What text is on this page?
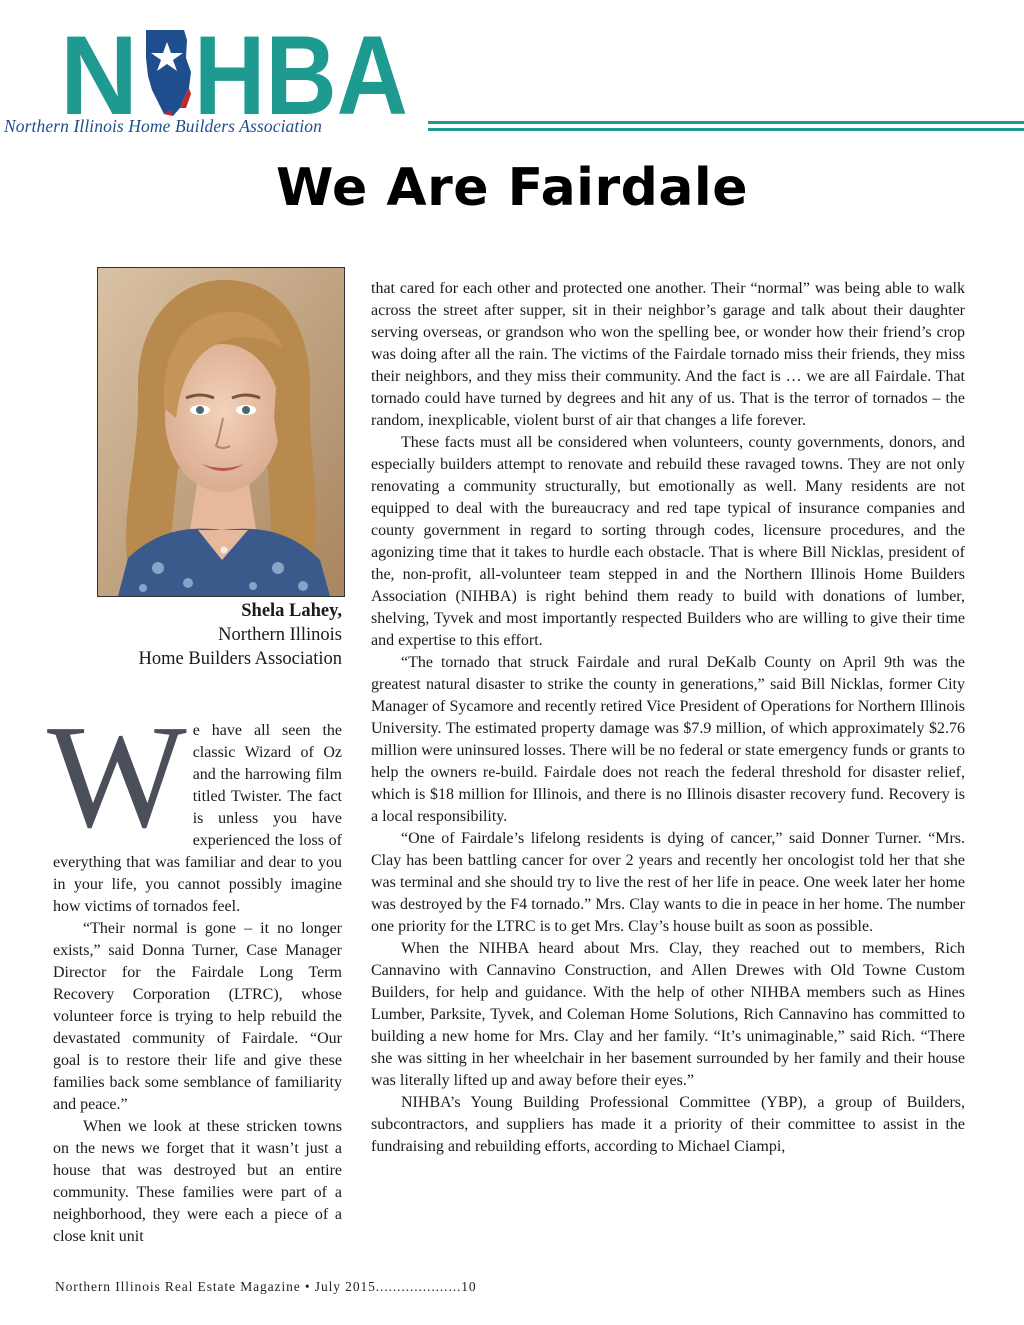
N HBA
Northern Illinois Home Builders Association
We Are Fairdale
Shela Lahey,
Northern Illinois
Home Builders Association
W e have all seen the classic Wizard of Oz and the harrowing film titled Twister. The fact is unless you have experienced the loss of everything that was familiar and dear to you in your life, you cannot possibly imagine how victims of tornados feel.

“Their normal is gone – it no longer exists,” said Donna Turner, Case Manager Director for the Fairdale Long Term Recovery Corporation (LTRC), whose volunteer force is trying to help rebuild the devastated community of Fairdale. “Our goal is to restore their life and give these families back some semblance of familiarity and peace.”

When we look at these stricken towns on the news we forget that it wasn’t just a house that was destroyed but an entire community. These families were part of a neighborhood, they were each a piece of a close knit unit

that cared for each other and protected one another. Their “normal” was being able to walk across the street after supper, sit in their neighbor’s garage and talk about their daughter serving overseas, or grandson who won the spelling bee, or wonder how their friend’s crop was doing after all the rain. The victims of the Fairdale tornado miss their friends, they miss their neighbors, and they miss their community. And the fact is … we are all Fairdale. That tornado could have turned by degrees and hit any of us. That is the terror of tornados – the random, inexplicable, violent burst of air that changes a life forever.

These facts must all be considered when volunteers, county governments, donors, and especially builders attempt to renovate and rebuild these ravaged towns. They are not only renovating a community structurally, but emotionally as well. Many residents are not equipped to deal with the bureaucracy and red tape typical of insurance companies and county government in regard to sorting through codes, licensure procedures, and the agonizing time that it takes to hurdle each obstacle. That is where Bill Nicklas, president of the, non-profit, all-volunteer team stepped in and the Northern Illinois Home Builders Association (NIHBA) is right behind them ready to build with donations of lumber, shelving, Tyvek and most importantly respected Builders who are willing to give their time and expertise to this effort.

“The tornado that struck Fairdale and rural DeKalb County on April 9th was the greatest natural disaster to strike the county in generations,” said Bill Nicklas, former City Manager of Sycamore and recently retired Vice President of Operations for Northern Illinois University. The estimated property damage was $7.9 million, of which approximately $2.76 million were uninsured losses. There will be no federal or state emergency funds or grants to help the owners re-build. Fairdale does not reach the federal threshold for disaster relief, which is $18 million for Illinois, and there is no Illinois disaster recovery fund. Recovery is a local responsibility.

“One of Fairdale’s lifelong residents is dying of cancer,” said Donner Turner. “Mrs. Clay has been battling cancer for over 2 years and recently her oncologist told her that she was terminal and she should try to live the rest of her life in peace. One week later her home was destroyed by the F4 tornado.” Mrs. Clay wants to die in peace in her home. The number one priority for the LTRC is to get Mrs. Clay’s house built as soon as possible.

When the NIHBA heard about Mrs. Clay, they reached out to members, Rich Cannavino with Cannavino Construction, and Allen Drewes with Old Towne Custom Builders, for help and guidance. With the help of other NIHBA members such as Hines Lumber, Parksite, Tyvek, and Coleman Home Solutions, Rich Cannavino has committed to building a new home for Mrs. Clay and her family. “It’s unimaginable,” said Rich. “There she was sitting in her wheelchair in her basement surrounded by her family and their house was literally lifted up and away before their eyes.”

NIHBA’s Young Building Professional Committee (YBP), a group of Builders, subcontractors, and suppliers has made it a priority of their committee to assist in the fundraising and rebuilding efforts, according to Michael Ciampi,

Northern Illinois Real Estate Magazine • July 2015....................10
